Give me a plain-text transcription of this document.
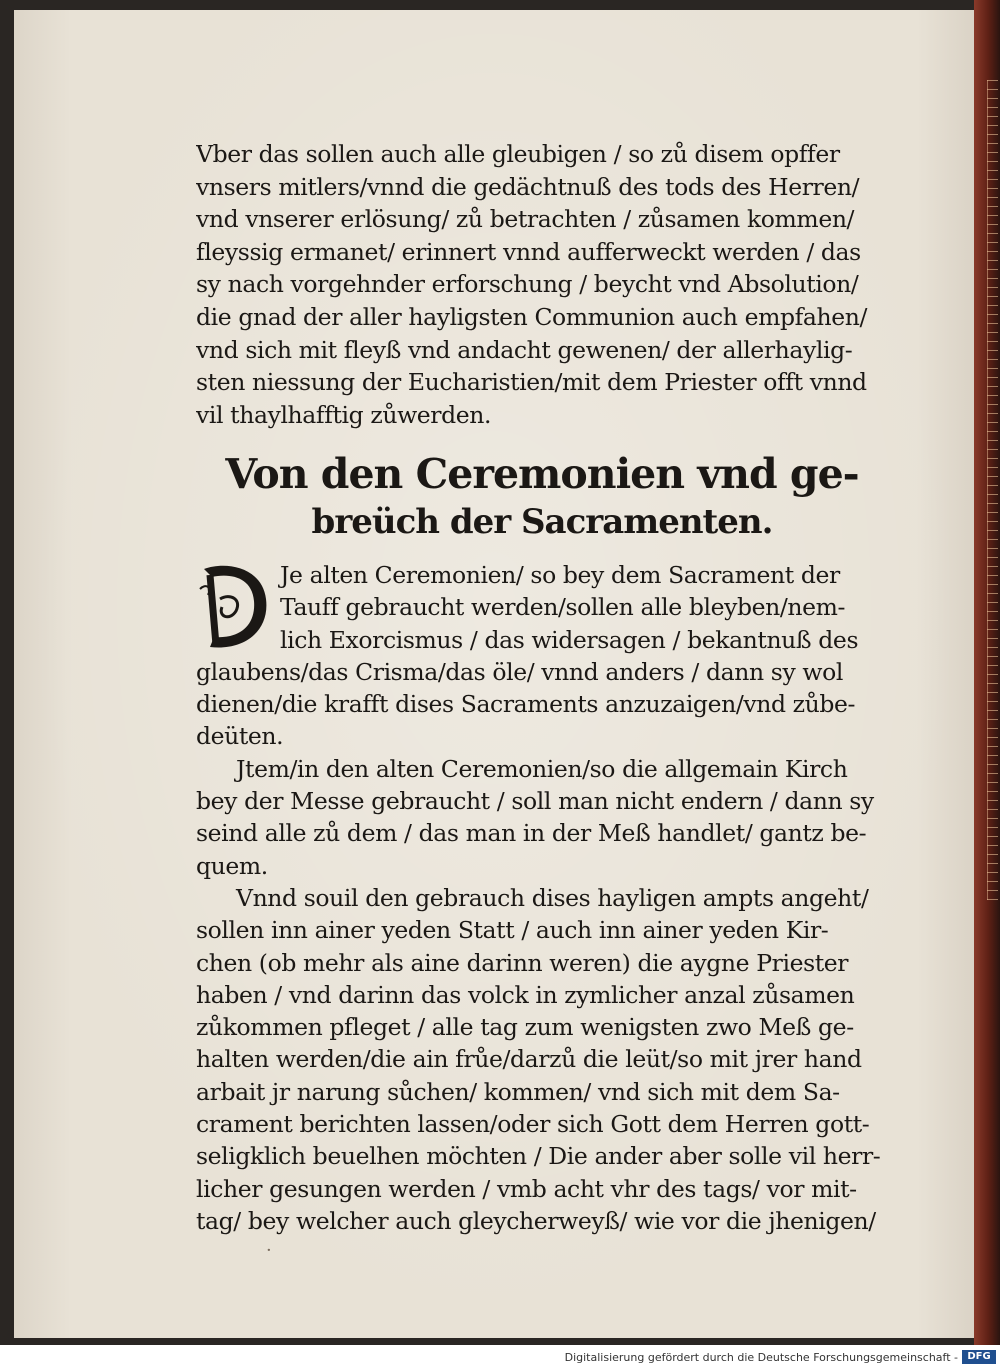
Vber das sollen auch alle gleubigen / so zů disem opffer
vnsers mitlers/vnnd die gedächtnuß des tods des Herren/
vnd vnserer erlösung/ zů betrachten / zůsamen kommen/
fleyssig ermanet/ erinnert vnnd aufferweckt werden / das
sy nach vorgehnder erforschung / beycht vnd Absolution/
die gnad der aller hayligsten Communion auch empfahen/
vnd sich mit fleyß vnd andacht gewenen/ der allerhaylig-
sten niessung der Eucharistien/mit dem Priester offt vnnd
vil thaylhafftig zůwerden.
Von den Ceremonien vnd ge-
breüch der Sacramenten.
Je alten Ceremonien/ so bey dem Sacrament der
Tauff gebraucht werden/sollen alle bleyben/nem-
lich Exorcismus / das widersagen / bekantnuß des
glaubens/das Crisma/das öle/ vnnd anders / dann sy wol
dienen/die krafft dises Sacraments anzuzaigen/vnd zůbe-
deüten.
Jtem/in den alten Ceremonien/so die allgemain Kirch
bey der Messe gebraucht / soll man nicht endern / dann sy
seind alle zů dem / das man in der Meß handlet/ gantz be-
quem.
Vnnd souil den gebrauch dises hayligen ampts angeht/
sollen inn ainer yeden Statt / auch inn ainer yeden Kir-
chen (ob mehr als aine darinn weren) die aygne Priester
haben / vnd darinn das volck in zymlicher anzal zůsamen
zůkommen pfleget / alle tag zum wenigsten zwo Meß ge-
halten werden/die ain frůe/darzů die leüt/so mit jrer hand
arbait jr narung sůchen/ kommen/ vnd sich mit dem Sa-
crament berichten lassen/oder sich Gott dem Herren gott-
seligklich beuelhen möchten / Die ander aber solle vil herr-
licher gesungen werden / vmb acht vhr des tags/ vor mit-
tag/ bey welcher auch gleycherweyß/ wie vor die jhenigen/
·
Digitalisierung gefördert durch die Deutsche Forschungsgemeinschaft - DFG
